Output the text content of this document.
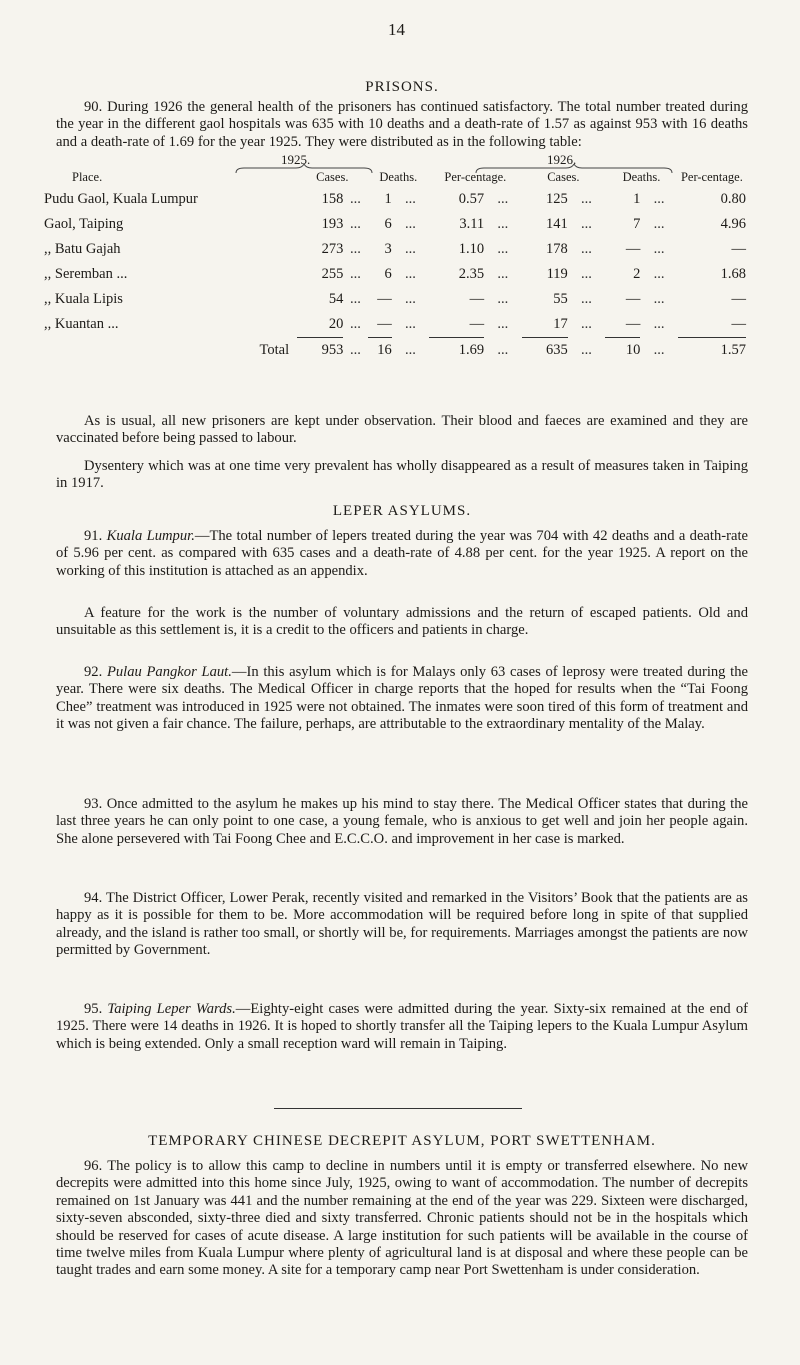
14
PRISONS.

90. During 1926 the general health of the prisoners has continued satisfactory. The total number treated during the year in the different gaol hospitals was 635 with 10 deaths and a death-rate of 1.57 as against 953 with 16 deaths and a death-rate of 1.69 for the year 1925. They were distributed as in the following table:

1925.	1926.
Place.	Cases.		Deaths.		Per-centage.		Cases.		Deaths.		Per-centage.
Pudu Gaol, Kuala Lumpur	158	...	1	...	0.57	...	125	...	1	...	0.80
Gaol, Taiping	193	...	6	...	3.11	...	141	...	7	...	4.96
,, Batu Gajah	273	...	3	...	1.10	...	178	...	—	...	—
,, Seremban ...	255	...	6	...	2.35	...	119	...	2	...	1.68
,, Kuala Lipis	54	...	—	...	—	...	55	...	—	...	—
,, Kuantan ...	20	...	—	...	—	...	17	...	—	...	—
Total	953	...	16	...	1.69	...	635	...	10	...	1.57

As is usual, all new prisoners are kept under observation. Their blood and faeces are examined and they are vaccinated before being passed to labour.

Dysentery which was at one time very prevalent has wholly disappeared as a result of measures taken in Taiping in 1917.

LEPER ASYLUMS.

91. Kuala Lumpur.—The total number of lepers treated during the year was 704 with 42 deaths and a death-rate of 5.96 per cent. as compared with 635 cases and a death-rate of 4.88 per cent. for the year 1925. A report on the working of this institution is attached as an appendix.

A feature for the work is the number of voluntary admissions and the return of escaped patients. Old and unsuitable as this settlement is, it is a credit to the officers and patients in charge.

92. Pulau Pangkor Laut.—In this asylum which is for Malays only 63 cases of leprosy were treated during the year. There were six deaths. The Medical Officer in charge reports that the hoped for results when the “Tai Foong Chee” treatment was introduced in 1925 were not obtained. The inmates were soon tired of this form of treatment and it was not given a fair chance. The failure, perhaps, are attributable to the extraordinary mentality of the Malay.

93. Once admitted to the asylum he makes up his mind to stay there. The Medical Officer states that during the last three years he can only point to one case, a young female, who is anxious to get well and join her people again. She alone persevered with Tai Foong Chee and E.C.C.O. and improvement in her case is marked.

94. The District Officer, Lower Perak, recently visited and remarked in the Visitors’ Book that the patients are as happy as it is possible for them to be. More accommodation will be required before long in spite of that supplied already, and the island is rather too small, or shortly will be, for requirements. Marriages amongst the patients are now permitted by Government.

95. Taiping Leper Wards.—Eighty-eight cases were admitted during the year. Sixty-six remained at the end of 1925. There were 14 deaths in 1926. It is hoped to shortly transfer all the Taiping lepers to the Kuala Lumpur Asylum which is being extended. Only a small reception ward will remain in Taiping.

TEMPORARY CHINESE DECREPIT ASYLUM, PORT SWETTENHAM.

96. The policy is to allow this camp to decline in numbers until it is empty or transferred elsewhere. No new decrepits were admitted into this home since July, 1925, owing to want of accommodation. The number of decrepits remained on 1st January was 441 and the number remaining at the end of the year was 229. Sixteen were discharged, sixty-seven absconded, sixty-three died and sixty transferred. Chronic patients should not be in the hospitals which should be reserved for cases of acute disease. A large institution for such patients will be available in the course of time twelve miles from Kuala Lumpur where plenty of agricultural land is at disposal and where these people can be taught trades and earn some money. A site for a temporary camp near Port Swettenham is under consideration.
